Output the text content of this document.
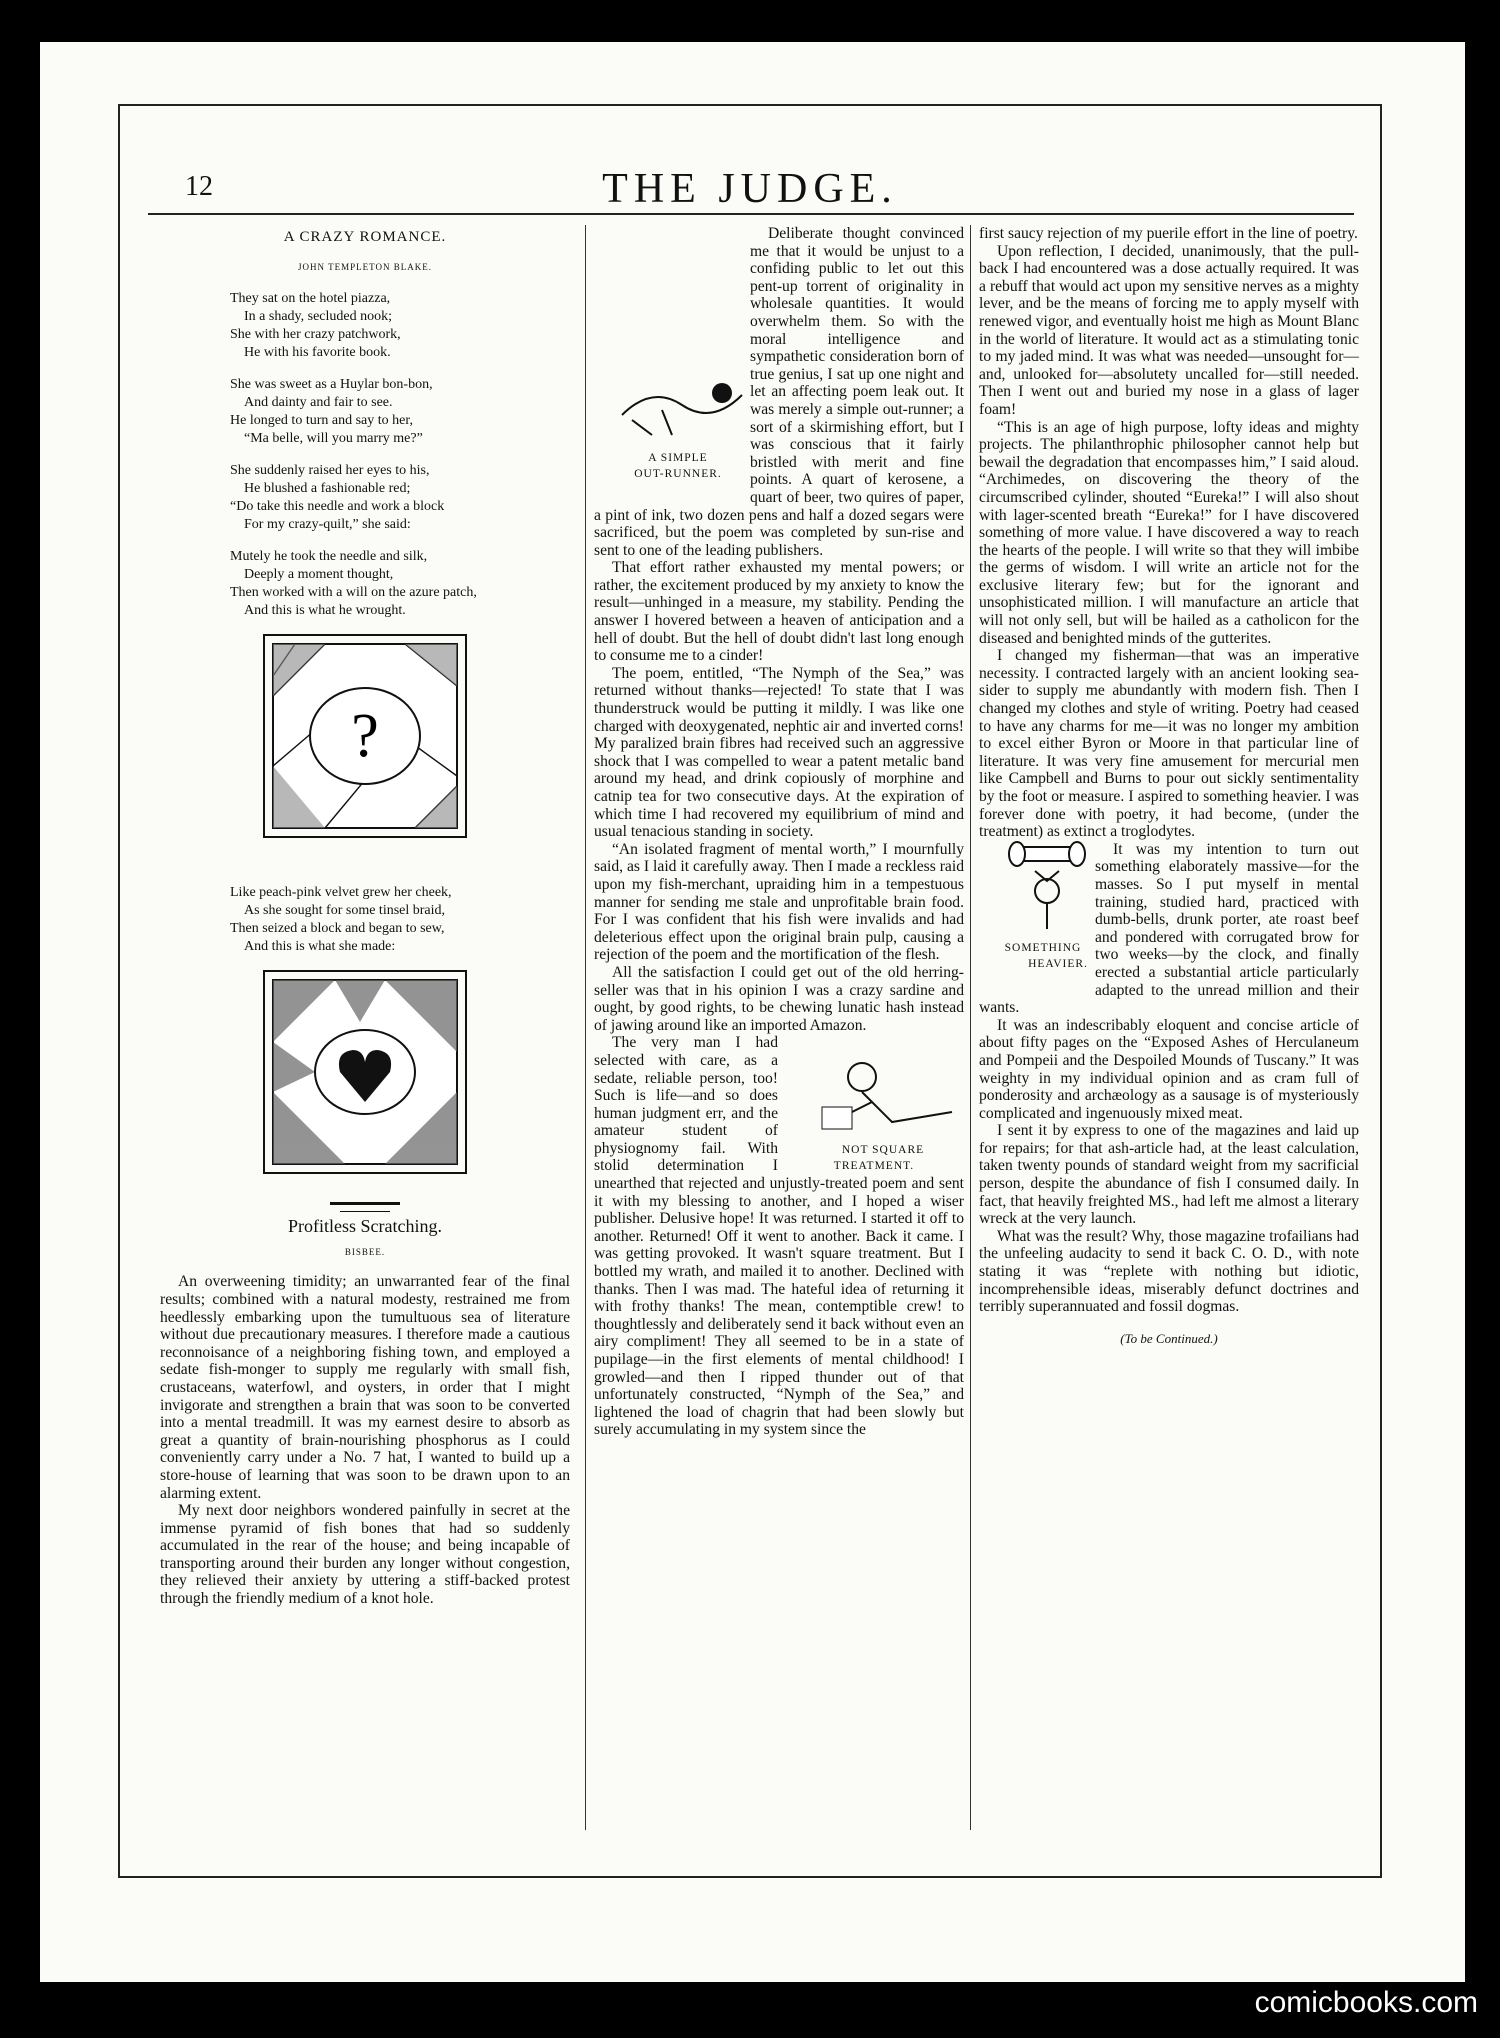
12	THE JUDGE.
A CRAZY ROMANCE.
JOHN TEMPLETON BLAKE.
They sat on the hotel piazza,
In a shady, secluded nook;
She with her crazy patchwork,
He with his favorite book.
She was sweet as a Huylar bon-bon,
And dainty and fair to see.
He longed to turn and say to her,
“Ma belle, will you marry me?”
She suddenly raised her eyes to his,
He blushed a fashionable red;
“Do take this needle and work a block
For my crazy-quilt,” she said:
Mutely he took the needle and silk,
Deeply a moment thought,
Then worked with a will on the azure patch,
And this is what he wrought.
?
Like peach-pink velvet grew her cheek,
As she sought for some tinsel braid,
Then seized a block and began to sew,
And this is what she made:
Profitless Scratching.
BISBEE.

An overweening timidity; an unwarranted fear of the final results; combined with a natural modesty, restrained me from heedlessly embarking upon the tumultuous sea of literature without due precautionary measures. I therefore made a cautious reconnoisance of a neighboring fishing town, and employed a sedate fish-monger to supply me regularly with small fish, crustaceans, waterfowl, and oysters, in order that I might invigorate and strengthen a brain that was soon to be converted into a mental treadmill. It was my earnest desire to absorb as great a quantity of brain-nourishing phosphorus as I could conveniently carry under a No. 7 hat, I wanted to build up a store-house of learning that was soon to be drawn upon to an alarming extent.

My next door neighbors wondered painfully in secret at the immense pyramid of fish bones that had so suddenly accumulated in the rear of the house; and being incapable of transporting around their burden any longer without congestion, they relieved their anxiety by uttering a stiff-backed protest through the friendly medium of a knot hole.

A SIMPLE
OUT-RUNNER.
Deliberate thought convinced me that it would be unjust to a confiding public to let out this pent-up torrent of originality in wholesale quantities. It would overwhelm them. So with the moral intelligence and sympathetic consideration born of true genius, I sat up one night and let an affecting poem leak out. It was merely a simple out-runner; a sort of a skirmishing effort, but I was conscious that it fairly bristled with merit and fine points. A quart of kerosene, a quart of beer, two quires of paper, a pint of ink, two dozen pens and half a dozed segars were sacrificed, but the poem was completed by sun-rise and sent to one of the leading publishers.

That effort rather exhausted my mental powers; or rather, the excitement produced by my anxiety to know the result—unhinged in a measure, my stability. Pending the answer I hovered between a heaven of anticipation and a hell of doubt. But the hell of doubt didn't last long enough to consume me to a cinder!

The poem, entitled, “The Nymph of the Sea,” was returned without thanks—rejected! To state that I was thunderstruck would be putting it mildly. I was like one charged with deoxygenated, nephtic air and inverted corns! My paralized brain fibres had received such an aggressive shock that I was compelled to wear a patent metalic band around my head, and drink copiously of morphine and catnip tea for two consecutive days. At the expiration of which time I had recovered my equilibrium of mind and usual tenacious standing in society.

“An isolated fragment of mental worth,” I mournfully said, as I laid it carefully away. Then I made a reckless raid upon my fish-merchant, upraiding him in a tempestuous manner for sending me stale and unprofitable brain food. For I was confident that his fish were invalids and had deleterious effect upon the original brain pulp, causing a rejection of the poem and the mortification of the flesh.

All the satisfaction I could get out of the old herring-seller was that in his opinion I was a crazy sardine and ought, by good rights, to be chewing lunatic hash instead of jawing around like an imported Amazon.

NOT SQUARE TREATMENT.
The very man I had selected with care, as a sedate, reliable person, too! Such is life—and so does human judgment err, and the amateur student of physiognomy fail. With stolid determination I unearthed that rejected and unjustly-treated poem and sent it with my blessing to another, and I hoped a wiser publisher. Delusive hope! It was returned. I started it off to another. Returned! Off it went to another. Back it came. I was getting provoked. It wasn't square treatment. But I bottled my wrath, and mailed it to another. Declined with thanks. Then I was mad. The hateful idea of returning it with frothy thanks! The mean, contemptible crew! to thoughtlessly and deliberately send it back without even an airy compliment! They all seemed to be in a state of pupilage—in the first elements of mental childhood! I growled—and then I ripped thunder out of that unfortunately constructed, “Nymph of the Sea,” and lightened the load of chagrin that had been slowly but surely accumulating in my system since the

first saucy rejection of my puerile effort in the line of poetry.

Upon reflection, I decided, unanimously, that the pull-back I had encountered was a dose actually required. It was a rebuff that would act upon my sensitive nerves as a mighty lever, and be the means of forcing me to apply myself with renewed vigor, and eventually hoist me high as Mount Blanc in the world of literature. It would act as a stimulating tonic to my jaded mind. It was what was needed—unsought for—and, unlooked for—absolutety uncalled for—still needed. Then I went out and buried my nose in a glass of lager foam!

“This is an age of high purpose, lofty ideas and mighty projects. The philanthrophic philosopher cannot help but bewail the degradation that encompasses him,” I said aloud. “Archimedes, on discovering the theory of the circumscribed cylinder, shouted “Eureka!” I will also shout with lager-scented breath “Eureka!” for I have discovered something of more value. I have discovered a way to reach the hearts of the people. I will write so that they will imbibe the germs of wisdom. I will write an article not for the exclusive literary few; but for the ignorant and unsophisticated million. I will manufacture an article that will not only sell, but will be hailed as a catholicon for the diseased and benighted minds of the gutterites.

I changed my fisherman—that was an imperative necessity. I contracted largely with an ancient looking sea-sider to supply me abundantly with modern fish. Then I changed my clothes and style of writing. Poetry had ceased to have any charms for me—it was no longer my ambition to excel either Byron or Moore in that particular line of literature. It was very fine amusement for mercurial men like Campbell and Burns to pour out sickly sentimentality by the foot or measure. I aspired to something heavier. I was forever done with poetry, it had become, (under the treatment) as extinct a troglodytes.

SOMETHING
HEAVIER.
It was my intention to turn out something elaborately massive—for the masses. So I put myself in mental training, studied hard, practiced with dumb-bells, drunk porter, ate roast beef and pondered with corrugated brow for two weeks—by the clock, and finally erected a substantial article particularly adapted to the unread million and their wants.

It was an indescribably eloquent and concise article of about fifty pages on the “Exposed Ashes of Herculaneum and Pompeii and the Despoiled Mounds of Tuscany.” It was weighty in my individual opinion and as cram full of ponderosity and archæology as a sausage is of mysteriously complicated and ingenuously mixed meat.

I sent it by express to one of the magazines and laid up for repairs; for that ash-article had, at the least calculation, taken twenty pounds of standard weight from my sacrificial person, despite the abundance of fish I consumed daily. In fact, that heavily freighted MS., had left me almost a literary wreck at the very launch.

What was the result? Why, those magazine trofailians had the unfeeling audacity to send it back C. O. D., with note stating it was “replete with nothing but idiotic, incomprehensible ideas, miserably defunct doctrines and terribly superannuated and fossil dogmas.

(To be Continued.)
comicbooks.com
